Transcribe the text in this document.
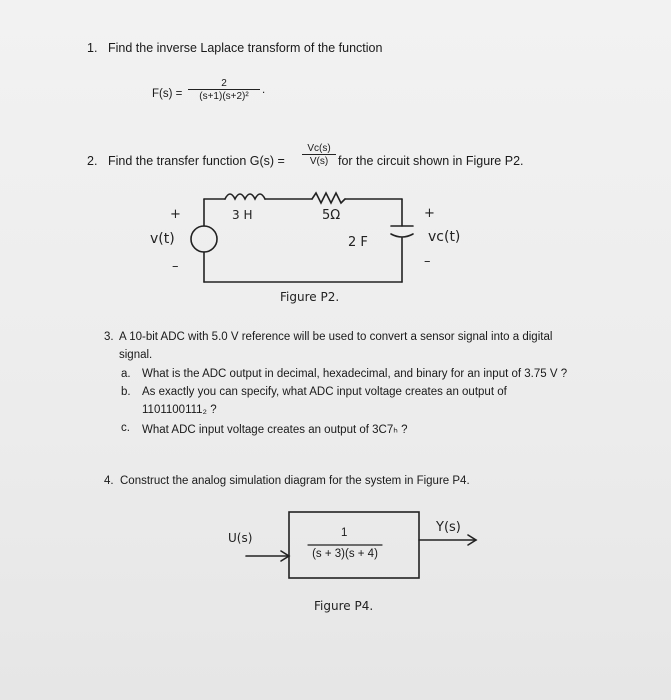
1. Find the inverse Laplace transform of the function
$F(s) = \frac{2}{\text{(s+1)(s+2)²}}$ .
2. Find the transfer function $G(s) = \frac{Vc(s)}{V(s)}$ for the circuit shown in Figure P2.
+
v(t)
–
3 H	5Ω
2 F
+
vc(t)
–
Figure P2.
3. A 10-bit ADC with 5.0 V reference will be used to convert a sensor signal into a digital
signal.
a. What is the ADC output in decimal, hexadecimal, and binary for an input of 3.75 V ?
b. As exactly you can specify, what ADC input voltage creates an output of
1101100111₂ ?
c. What ADC input voltage creates an output of 3C7ₕ ?
4. Construct the analog simulation diagram for the system in Figure P4.
U(s)
Y(s)
1
(s + 3)(s + 4)
Figure P4.
